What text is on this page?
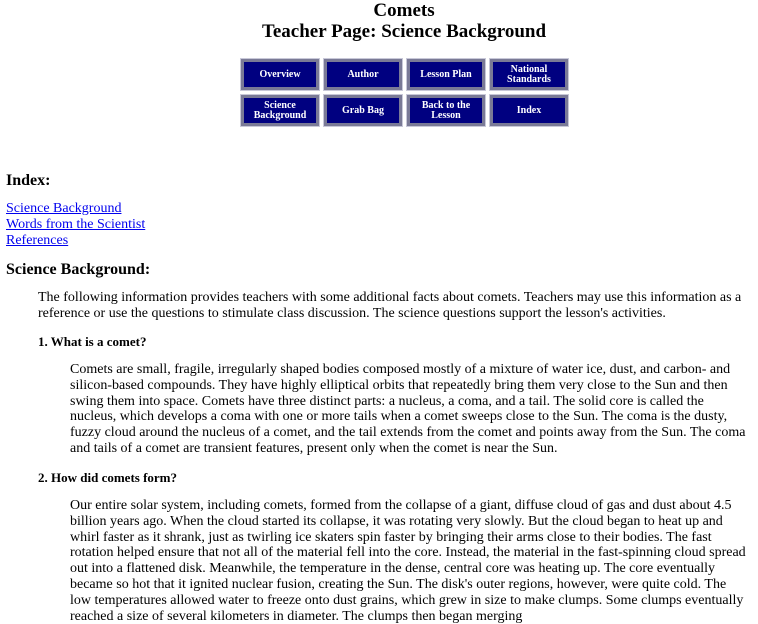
Comets
Teacher Page: Science Background
Overview	Author	Lesson Plan	National Standards
Science Background	Grab Bag	Back to the Lesson	Index
Index:
Science Background
Words from the Scientist
References
Science Background:

The following information provides teachers with some additional facts about comets. Teachers may use this information as a reference or use the questions to stimulate class discussion. The science questions support the lesson's activities.

1. What is a comet?

Comets are small, fragile, irregularly shaped bodies composed mostly of a mixture of water ice, dust, and carbon- and silicon-based compounds. They have highly elliptical orbits that repeatedly bring them very close to the Sun and then swing them into space. Comets have three distinct parts: a nucleus, a coma, and a tail. The solid core is called the nucleus, which develops a coma with one or more tails when a comet sweeps close to the Sun. The coma is the dusty, fuzzy cloud around the nucleus of a comet, and the tail extends from the comet and points away from the Sun. The coma and tails of a comet are transient features, present only when the comet is near the Sun.

2. How did comets form?

Our entire solar system, including comets, formed from the collapse of a giant, diffuse cloud of gas and dust about 4.5 billion years ago. When the cloud started its collapse, it was rotating very slowly. But the cloud began to heat up and whirl faster as it shrank, just as twirling ice skaters spin faster by bringing their arms close to their bodies. The fast rotation helped ensure that not all of the material fell into the core. Instead, the material in the fast-spinning cloud spread out into a flattened disk. Meanwhile, the temperature in the dense, central core was heating up. The core eventually became so hot that it ignited nuclear fusion, creating the Sun. The disk's outer regions, however, were quite cold. The low temperatures allowed water to freeze onto dust grains, which grew in size to make clumps. Some clumps eventually reached a size of several kilometers in diameter. The clumps then began merging
